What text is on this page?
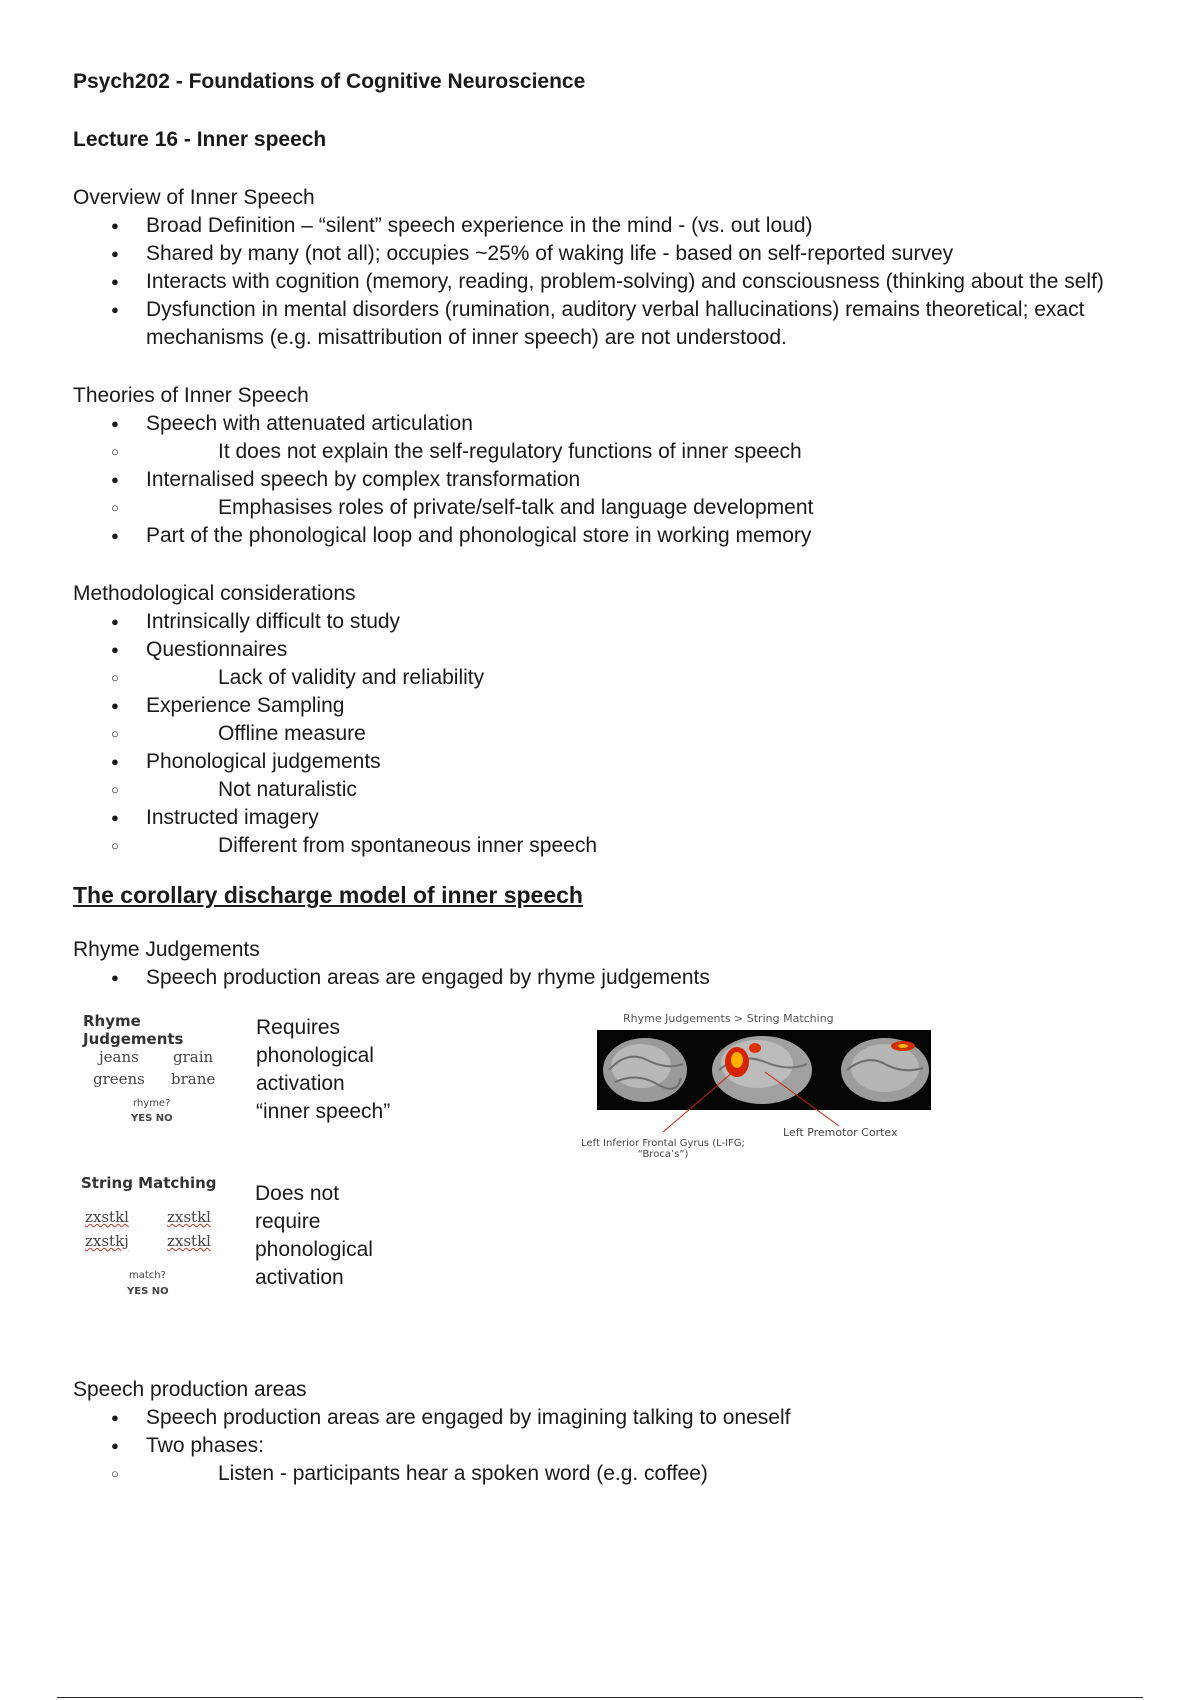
Psych202 - Foundations of Cognitive Neuroscience

Lecture 16 - Inner speech

Overview of Inner Speech

● Broad Definition – “silent” speech experience in the mind - (vs. out loud)
● Shared by many (not all); occupies ~25% of waking life - based on self-reported survey
● Interacts with cognition (memory, reading, problem-solving) and consciousness (thinking about the self)
● Dysfunction in mental disorders (rumination, auditory verbal hallucinations) remains theoretical; exact mechanisms (e.g. misattribution of inner speech) are not understood.

Theories of Inner Speech

● Speech with attenuated articulation
○ It does not explain the self-regulatory functions of inner speech
● Internalised speech by complex transformation
○ Emphasises roles of private/self-talk and language development
● Part of the phonological loop and phonological store in working memory

Methodological considerations

● Intrinsically difficult to study
● Questionnaires
○ Lack of validity and reliability
● Experience Sampling
○ Offline measure
● Phonological judgements
○ Not naturalistic
● Instructed imagery
○ Different from spontaneous inner speech

The corollary discharge model of inner speech

Rhyme Judgements

● Speech production areas are engaged by rhyme judgements
Rhyme Judgements
jeans grain
greens brane
rhyme?
YES NO
Requires
phonological
activation
“inner speech”
String Matching
zxstkl	zxstkl
zxstkj	zxstkl
match?
YES NO
Does not
require
phonological
activation
Rhyme Judgements > String Matching
Left Inferior Frontal Gyrus (L-IFG; “Broca’s”)
Left Premotor Cortex

Speech production areas

● Speech production areas are engaged by imagining talking to oneself
● Two phases:
○ Listen - participants hear a spoken word (e.g. coffee)
